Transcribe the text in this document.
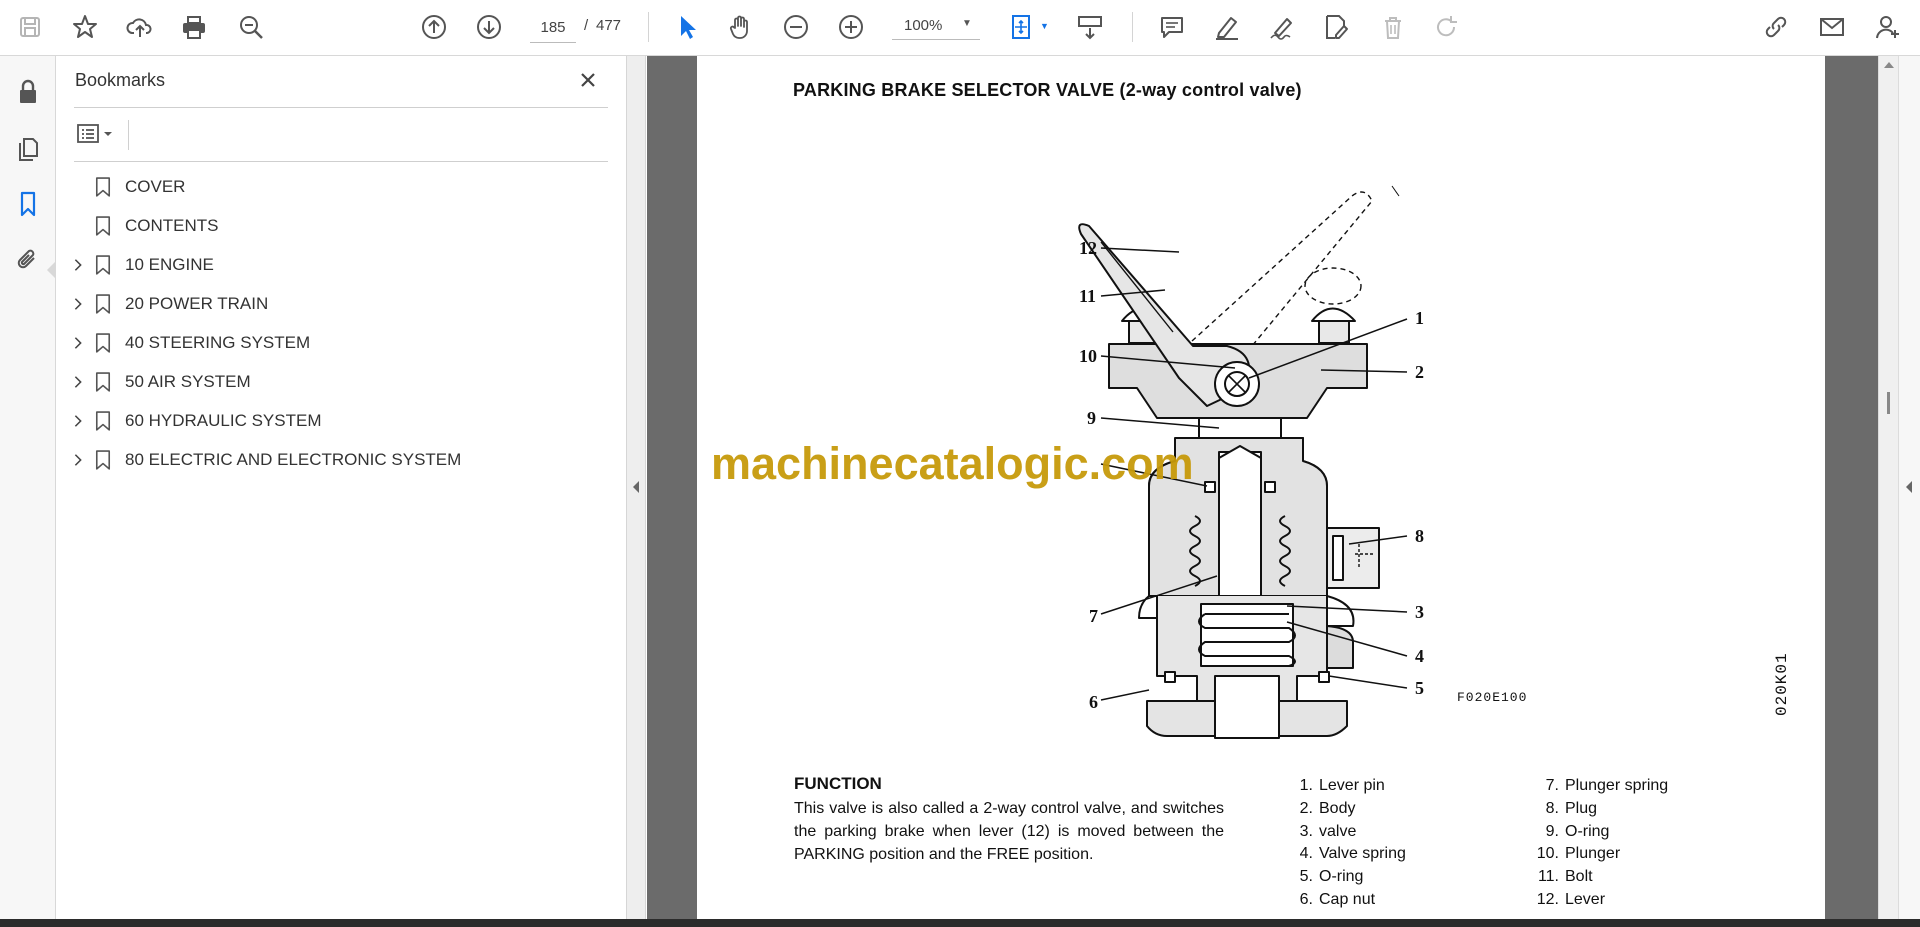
185
/ 477	100% ▼	▼
Bookmarks
COVER
CONTENTS
10 ENGINE
20 POWER TRAIN
40 STEERING SYSTEM
50 AIR SYSTEM
60 HYDRAULIC SYSTEM
80 ELECTRIC AND ELECTRONIC SYSTEM
PARKING BRAKE SELECTOR VALVE (2-way control valve)
12
11
10
9
7
6
1
2
8
3
4
5	F020E100	020K01
machinecatalogic.com
FUNCTION
This valve is also called a 2-way control valve, and switches the parking brake when lever (12) is moved between the PARKING position and the FREE position.
1. Lever pin
2. Body
3. valve
4. Valve spring
5. O-ring
6. Cap nut
7. Plunger spring
8. Plug
9. O-ring
10. Plunger
11. Bolt
12. Lever
